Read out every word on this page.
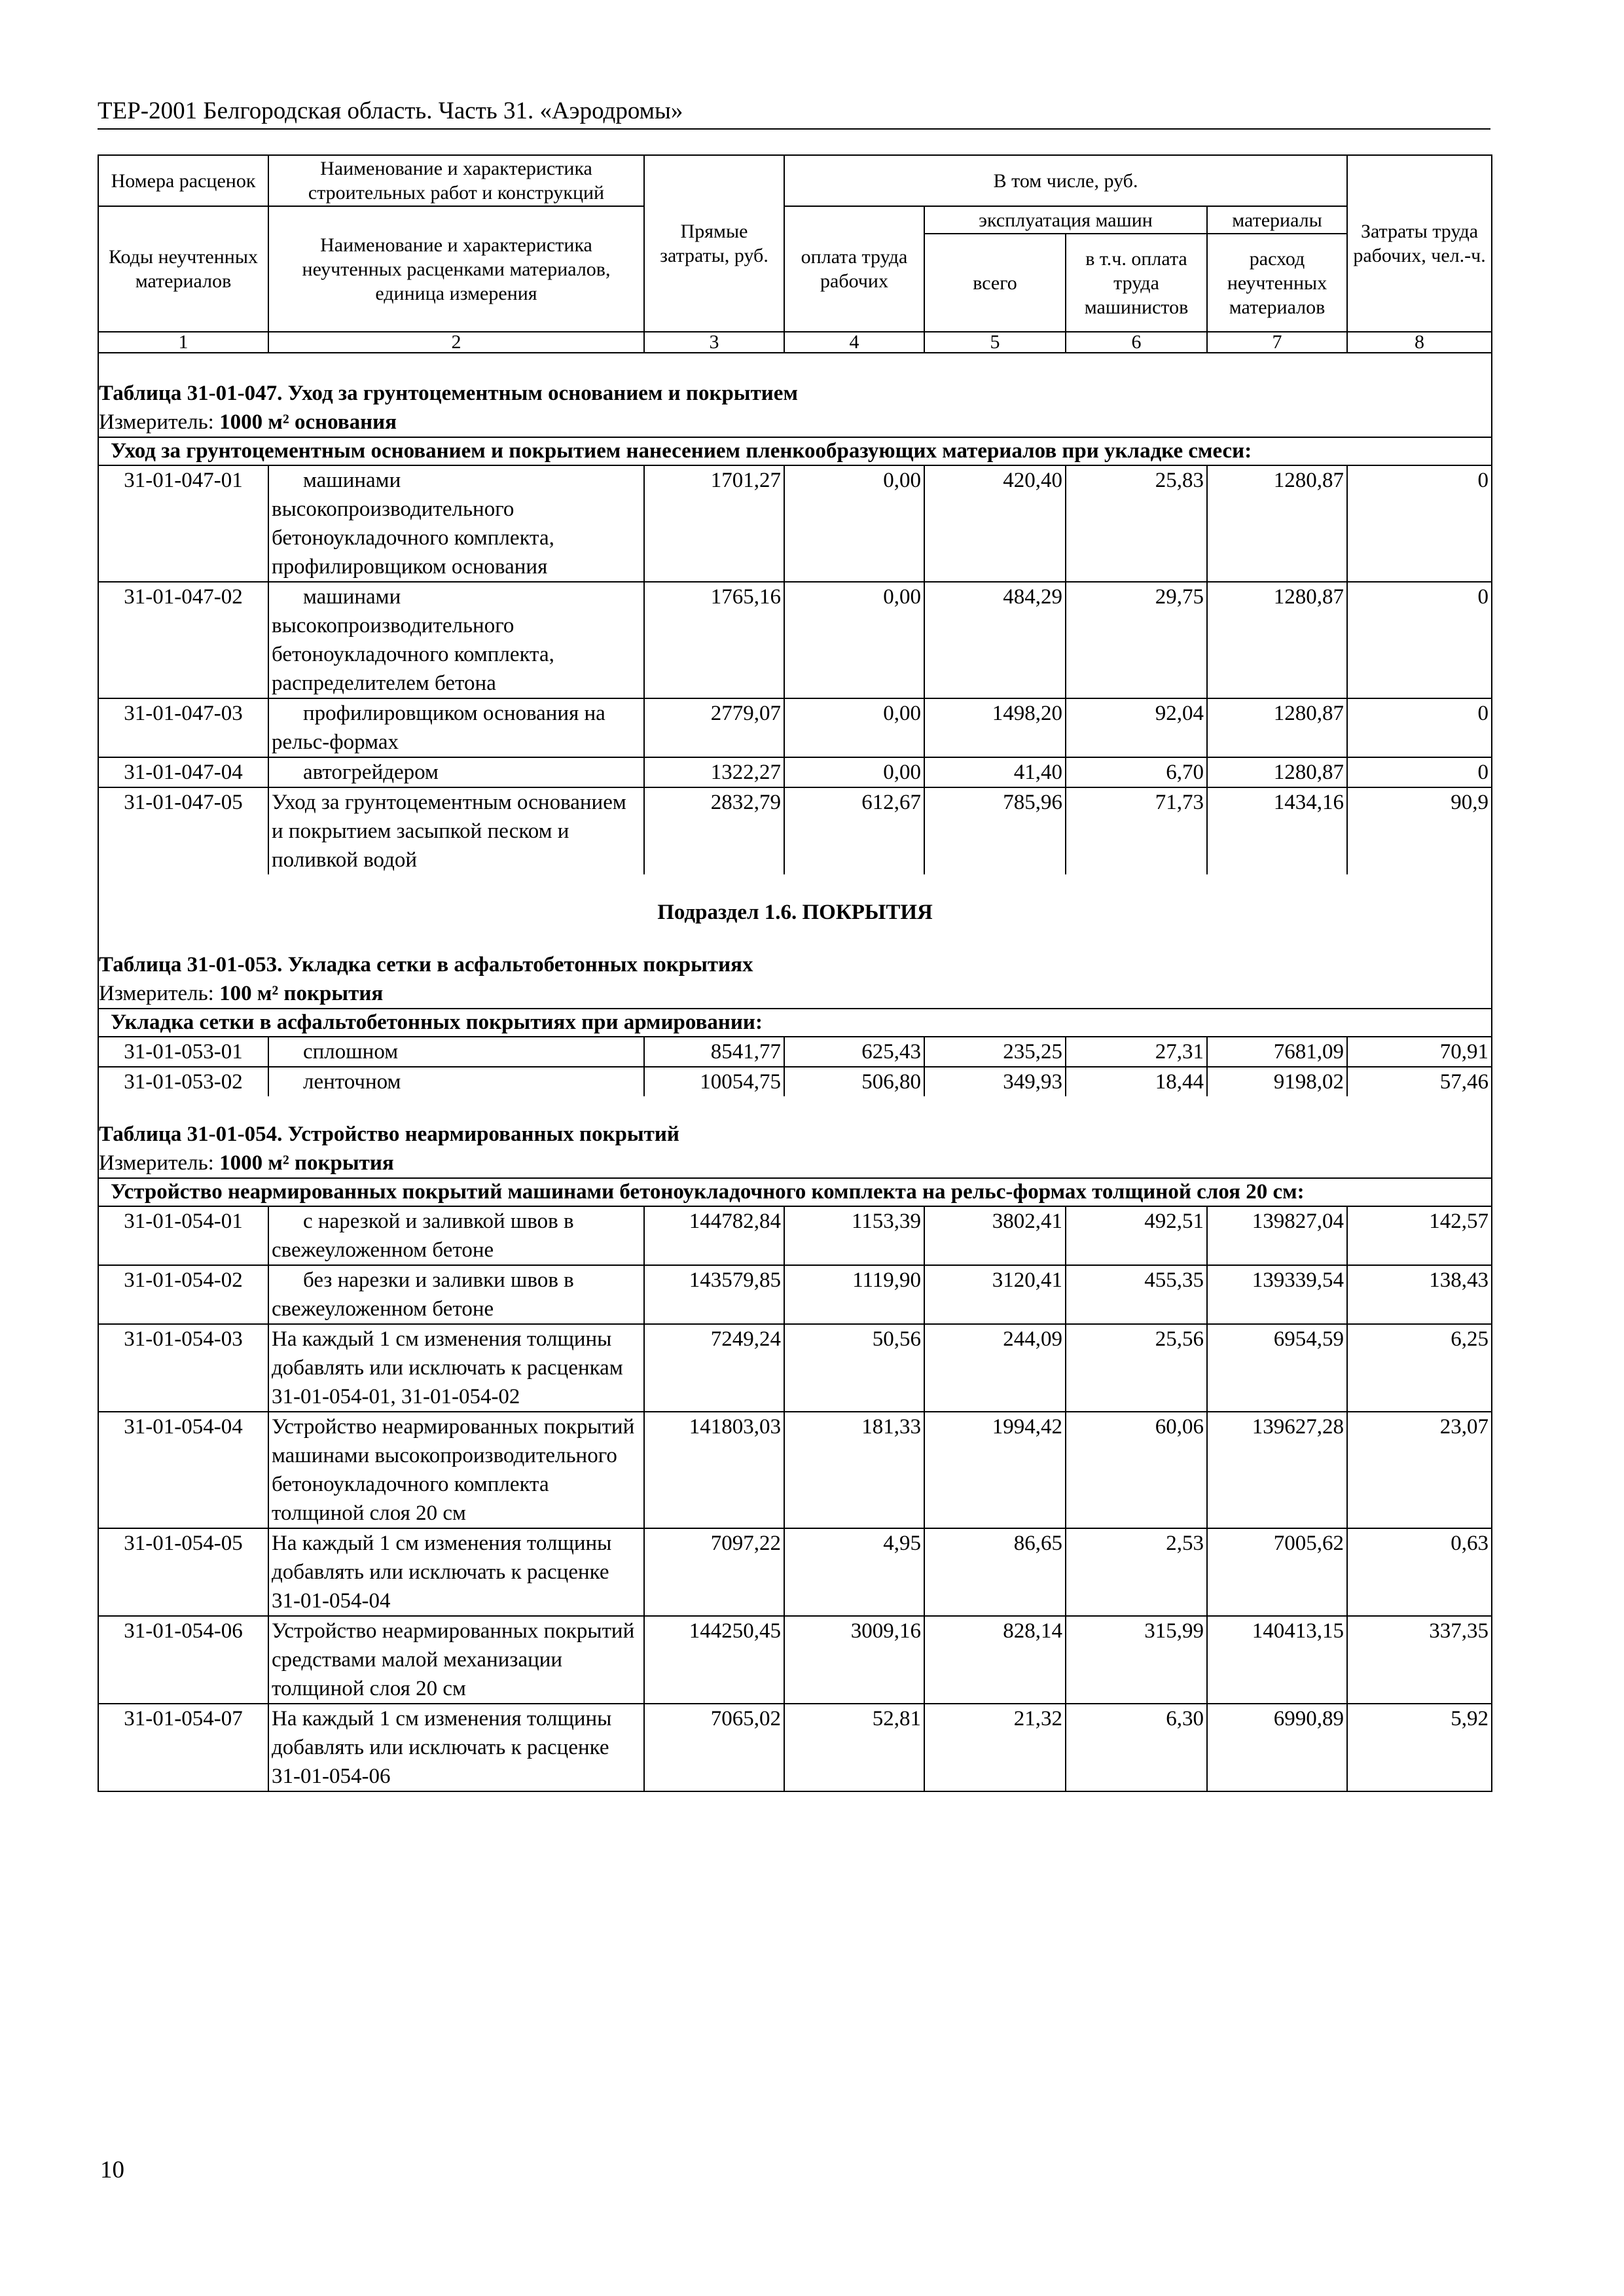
ТЕР-2001 Белгородская область. Часть 31. «Аэродромы»
Номера расценок	Наименование и характеристика строительных работ и конструкций	Прямые затраты, руб.	В том числе, руб.				Затраты труда рабочих, чел.-ч.
Коды неучтенных материалов	Наименование и характеристика неучтенных расценками материалов, единица измерения		оплата труда рабочих	эксплуатация машин		материалы	
				всего	в т.ч. оплата труда машинистов	расход неучтенных материалов	
1	2	3	4	5	6	7	8

Таблица 31-01-047. Уход за грунтоцементным основанием и покрытием							
Измеритель: 1000 м² основания							
Уход за грунтоцементным основанием и покрытием нанесением пленкообразующих материалов при укладке смеси:							
31-01-047-01	машинами высокопроизводительного бетоноукладочного комплекта, профилировщиком основания	1701,27	0,00	420,40	25,83	1280,87	0
31-01-047-02	машинами высокопроизводительного бетоноукладочного комплекта, распределителем бетона	1765,16	0,00	484,29	29,75	1280,87	0
31-01-047-03	профилировщиком основания на рельс-формах	2779,07	0,00	1498,20	92,04	1280,87	0
31-01-047-04	автогрейдером	1322,27	0,00	41,40	6,70	1280,87	0
31-01-047-05	Уход за грунтоцементным основанием и покрытием засыпкой песком и поливкой водой	2832,79	612,67	785,96	71,73	1434,16	90,9

Подраздел 1.6. ПОКРЫТИЯ							

Таблица 31-01-053. Укладка сетки в асфальтобетонных покрытиях							
Измеритель: 100 м² покрытия							
Укладка сетки в асфальтобетонных покрытиях при армировании:							
31-01-053-01	сплошном	8541,77	625,43	235,25	27,31	7681,09	70,91
31-01-053-02	ленточном	10054,75	506,80	349,93	18,44	9198,02	57,46

Таблица 31-01-054. Устройство неармированных покрытий							
Измеритель: 1000 м² покрытия							
Устройство неармированных покрытий машинами бетоноукладочного комплекта на рельс-формах толщиной слоя 20 см:							
31-01-054-01	с нарезкой и заливкой швов в свежеуложенном бетоне	144782,84	1153,39	3802,41	492,51	139827,04	142,57
31-01-054-02	без нарезки и заливки швов в свежеуложенном бетоне	143579,85	1119,90	3120,41	455,35	139339,54	138,43
31-01-054-03	На каждый 1 см изменения толщины добавлять или исключать к расценкам 31-01-054-01, 31-01-054-02	7249,24	50,56	244,09	25,56	6954,59	6,25
31-01-054-04	Устройство неармированных покрытий машинами высокопроизводительного бетоноукладочного комплекта толщиной слоя 20 см	141803,03	181,33	1994,42	60,06	139627,28	23,07
31-01-054-05	На каждый 1 см изменения толщины добавлять или исключать к расценке 31-01-054-04	7097,22	4,95	86,65	2,53	7005,62	0,63
31-01-054-06	Устройство неармированных покрытий средствами малой механизации толщиной слоя 20 см	144250,45	3009,16	828,14	315,99	140413,15	337,35
31-01-054-07	На каждый 1 см изменения толщины добавлять или исключать к расценке 31-01-054-06	7065,02	52,81	21,32	6,30	6990,89	5,92
10
